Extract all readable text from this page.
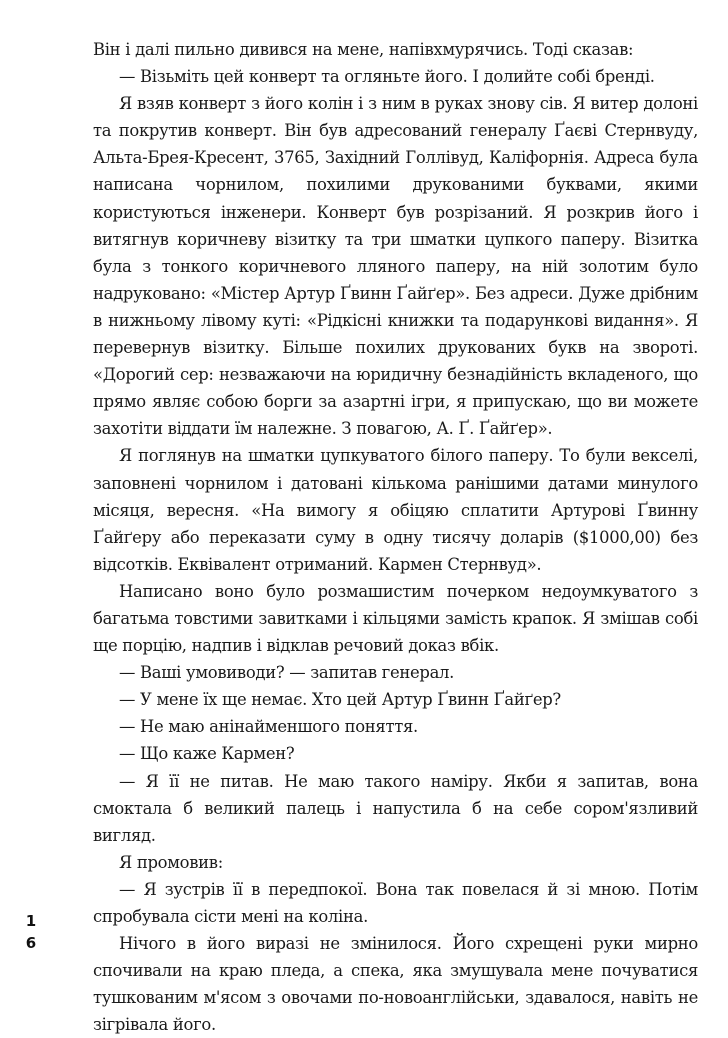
Він і далі пильно дивився на мене, напівхмурячись. Тоді сказав:

— Візьміть цей конверт та огляньте його. І долийте собі бренді.

Я взяв конверт з його колін і з ним в руках знову сів. Я витер долоні та покрутив конверт. Він був адресований генералу Ґаєві Стернвуду, Альта-Брея-Кресент, 3765, Західний Голлівуд, Каліфорнія. Адреса була написана чорнилом, похилими друкованими буквами, якими користуються інженери. Конверт був розрізаний. Я розкрив його і витягнув коричневу візитку та три шматки цупкого паперу. Візитка була з тонкого коричневого лляного паперу, на ній золотим було надруковано: «Містер Артур Ґвинн Ґайґер». Без адреси. Дуже дрібним в нижньому лівому куті: «Рідкісні книжки та подарункові видання». Я перевернув візитку. Більше похилих друкованих букв на звороті. «Дорогий сер: незважаючи на юридичну безнадійність вкладеного, що прямо являє собою борги за азартні ігри, я припускаю, що ви можете захотіти віддати їм належне. З повагою, А. Ґ. Ґайґер».

Я поглянув на шматки цупкуватого білого паперу. То були векселі, заповнені чорнилом і датовані кількома ранішими датами минулого місяця, вересня. «На вимогу я обіцяю сплатити Артурові Ґвинну Ґайґеру або переказати суму в одну тисячу доларів ($1000,00) без відсотків. Еквівалент отриманий. Кармен Стернвуд».

Написано воно було розмашистим почерком недоумкуватого з багатьма товстими завитками і кільцями замість крапок. Я змішав собі ще порцію, надпив і відклав речовий доказ вбік.

— Ваші умовиводи? — запитав генерал.

— У мене їх ще немає. Хто цей Артур Ґвинн Ґайґер?

— Не маю анінайменшого поняття.

— Що каже Кармен?

— Я її не питав. Не маю такого наміру. Якби я запитав, вона смоктала б великий палець і напустила б на себе сором'язливий вигляд.

Я промовив:

— Я зустрів її в передпокої. Вона так повелася й зі мною. Потім спробувала сісти мені на коліна.

Нічого в його виразі не змінилося. Його схрещені руки мирно спочивали на краю пледа, а спека, яка змушувала мене почуватися тушкованим м'ясом з овочами по-новоанглійськи, здавалося, навіть не зігрівала його.

1
6
